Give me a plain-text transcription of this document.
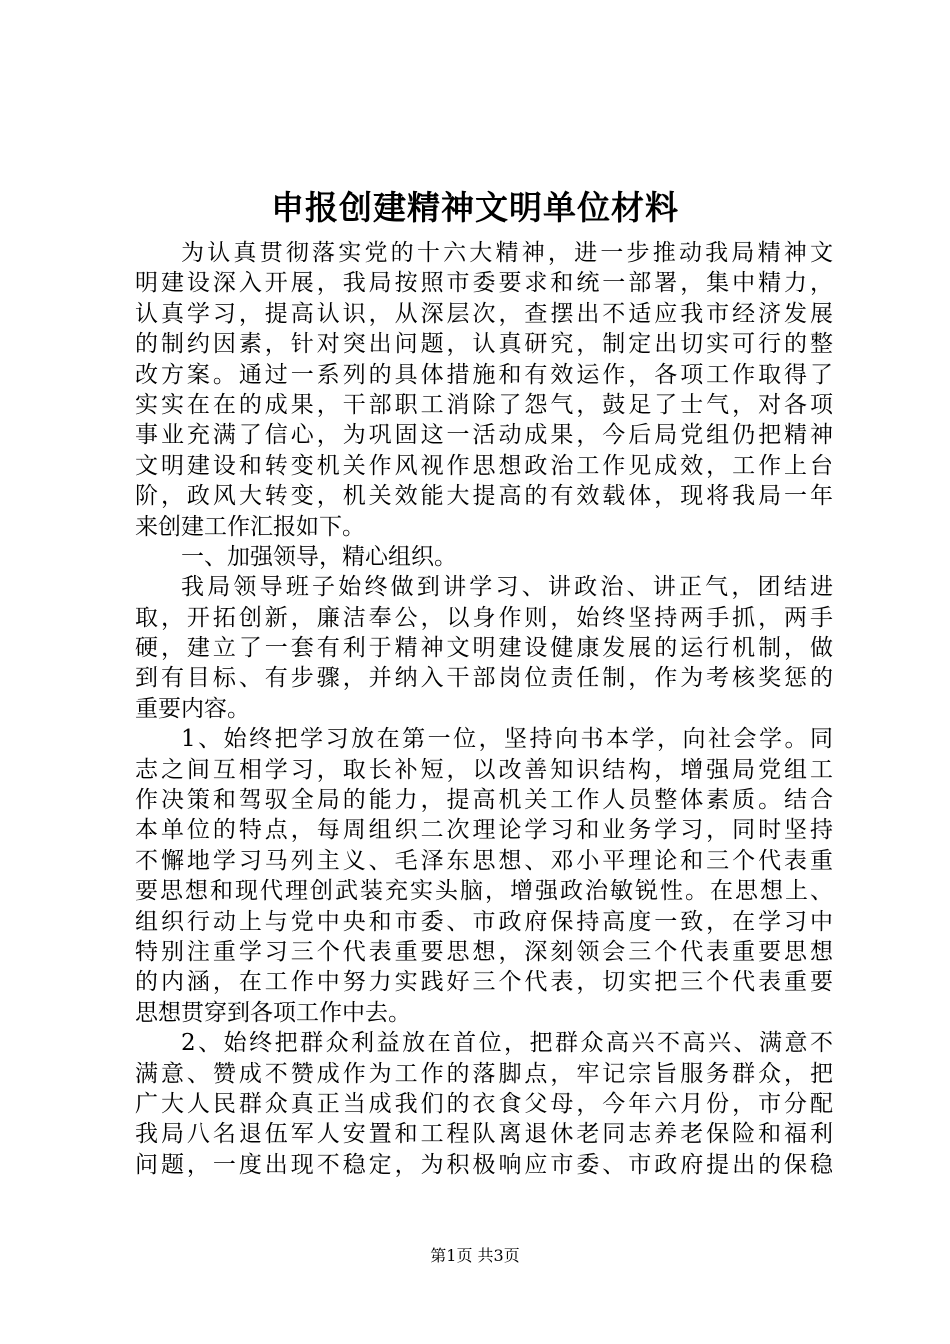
申报创建精神文明单位材料
为认真贯彻落实党的十六大精神，进一步推动我局精神文
明建设深入开展，我局按照市委要求和统一部署，集中精力，
认真学习，提高认识，从深层次，查摆出不适应我市经济发展
的制约因素，针对突出问题，认真研究，制定出切实可行的整
改方案。通过一系列的具体措施和有效运作，各项工作取得了
实实在在的成果，干部职工消除了怨气，鼓足了士气，对各项
事业充满了信心，为巩固这一活动成果，今后局党组仍把精神
文明建设和转变机关作风视作思想政治工作见成效，工作上台
阶，政风大转变，机关效能大提高的有效载体，现将我局一年
来创建工作汇报如下。
一、加强领导，精心组织。
我局领导班子始终做到讲学习、讲政治、讲正气，团结进
取，开拓创新，廉洁奉公，以身作则，始终坚持两手抓，两手
硬，建立了一套有利于精神文明建设健康发展的运行机制，做
到有目标、有步骤，并纳入干部岗位责任制，作为考核奖惩的
重要内容。
1、始终把学习放在第一位，坚持向书本学，向社会学。同
志之间互相学习，取长补短，以改善知识结构，增强局党组工
作决策和驾驭全局的能力，提高机关工作人员整体素质。结合
本单位的特点，每周组织二次理论学习和业务学习，同时坚持
不懈地学习马列主义、毛泽东思想、邓小平理论和三个代表重
要思想和现代理创武装充实头脑，增强政治敏锐性。在思想上、
组织行动上与党中央和市委、市政府保持高度一致，在学习中
特别注重学习三个代表重要思想，深刻领会三个代表重要思想
的内涵，在工作中努力实践好三个代表，切实把三个代表重要
思想贯穿到各项工作中去。
2、始终把群众利益放在首位，把群众高兴不高兴、满意不
满意、赞成不赞成作为工作的落脚点，牢记宗旨服务群众，把
广大人民群众真正当成我们的衣食父母，今年六月份，市分配
我局八名退伍军人安置和工程队离退休老同志养老保险和福利
问题，一度出现不稳定，为积极响应市委、市政府提出的保稳
第1页 共3页
